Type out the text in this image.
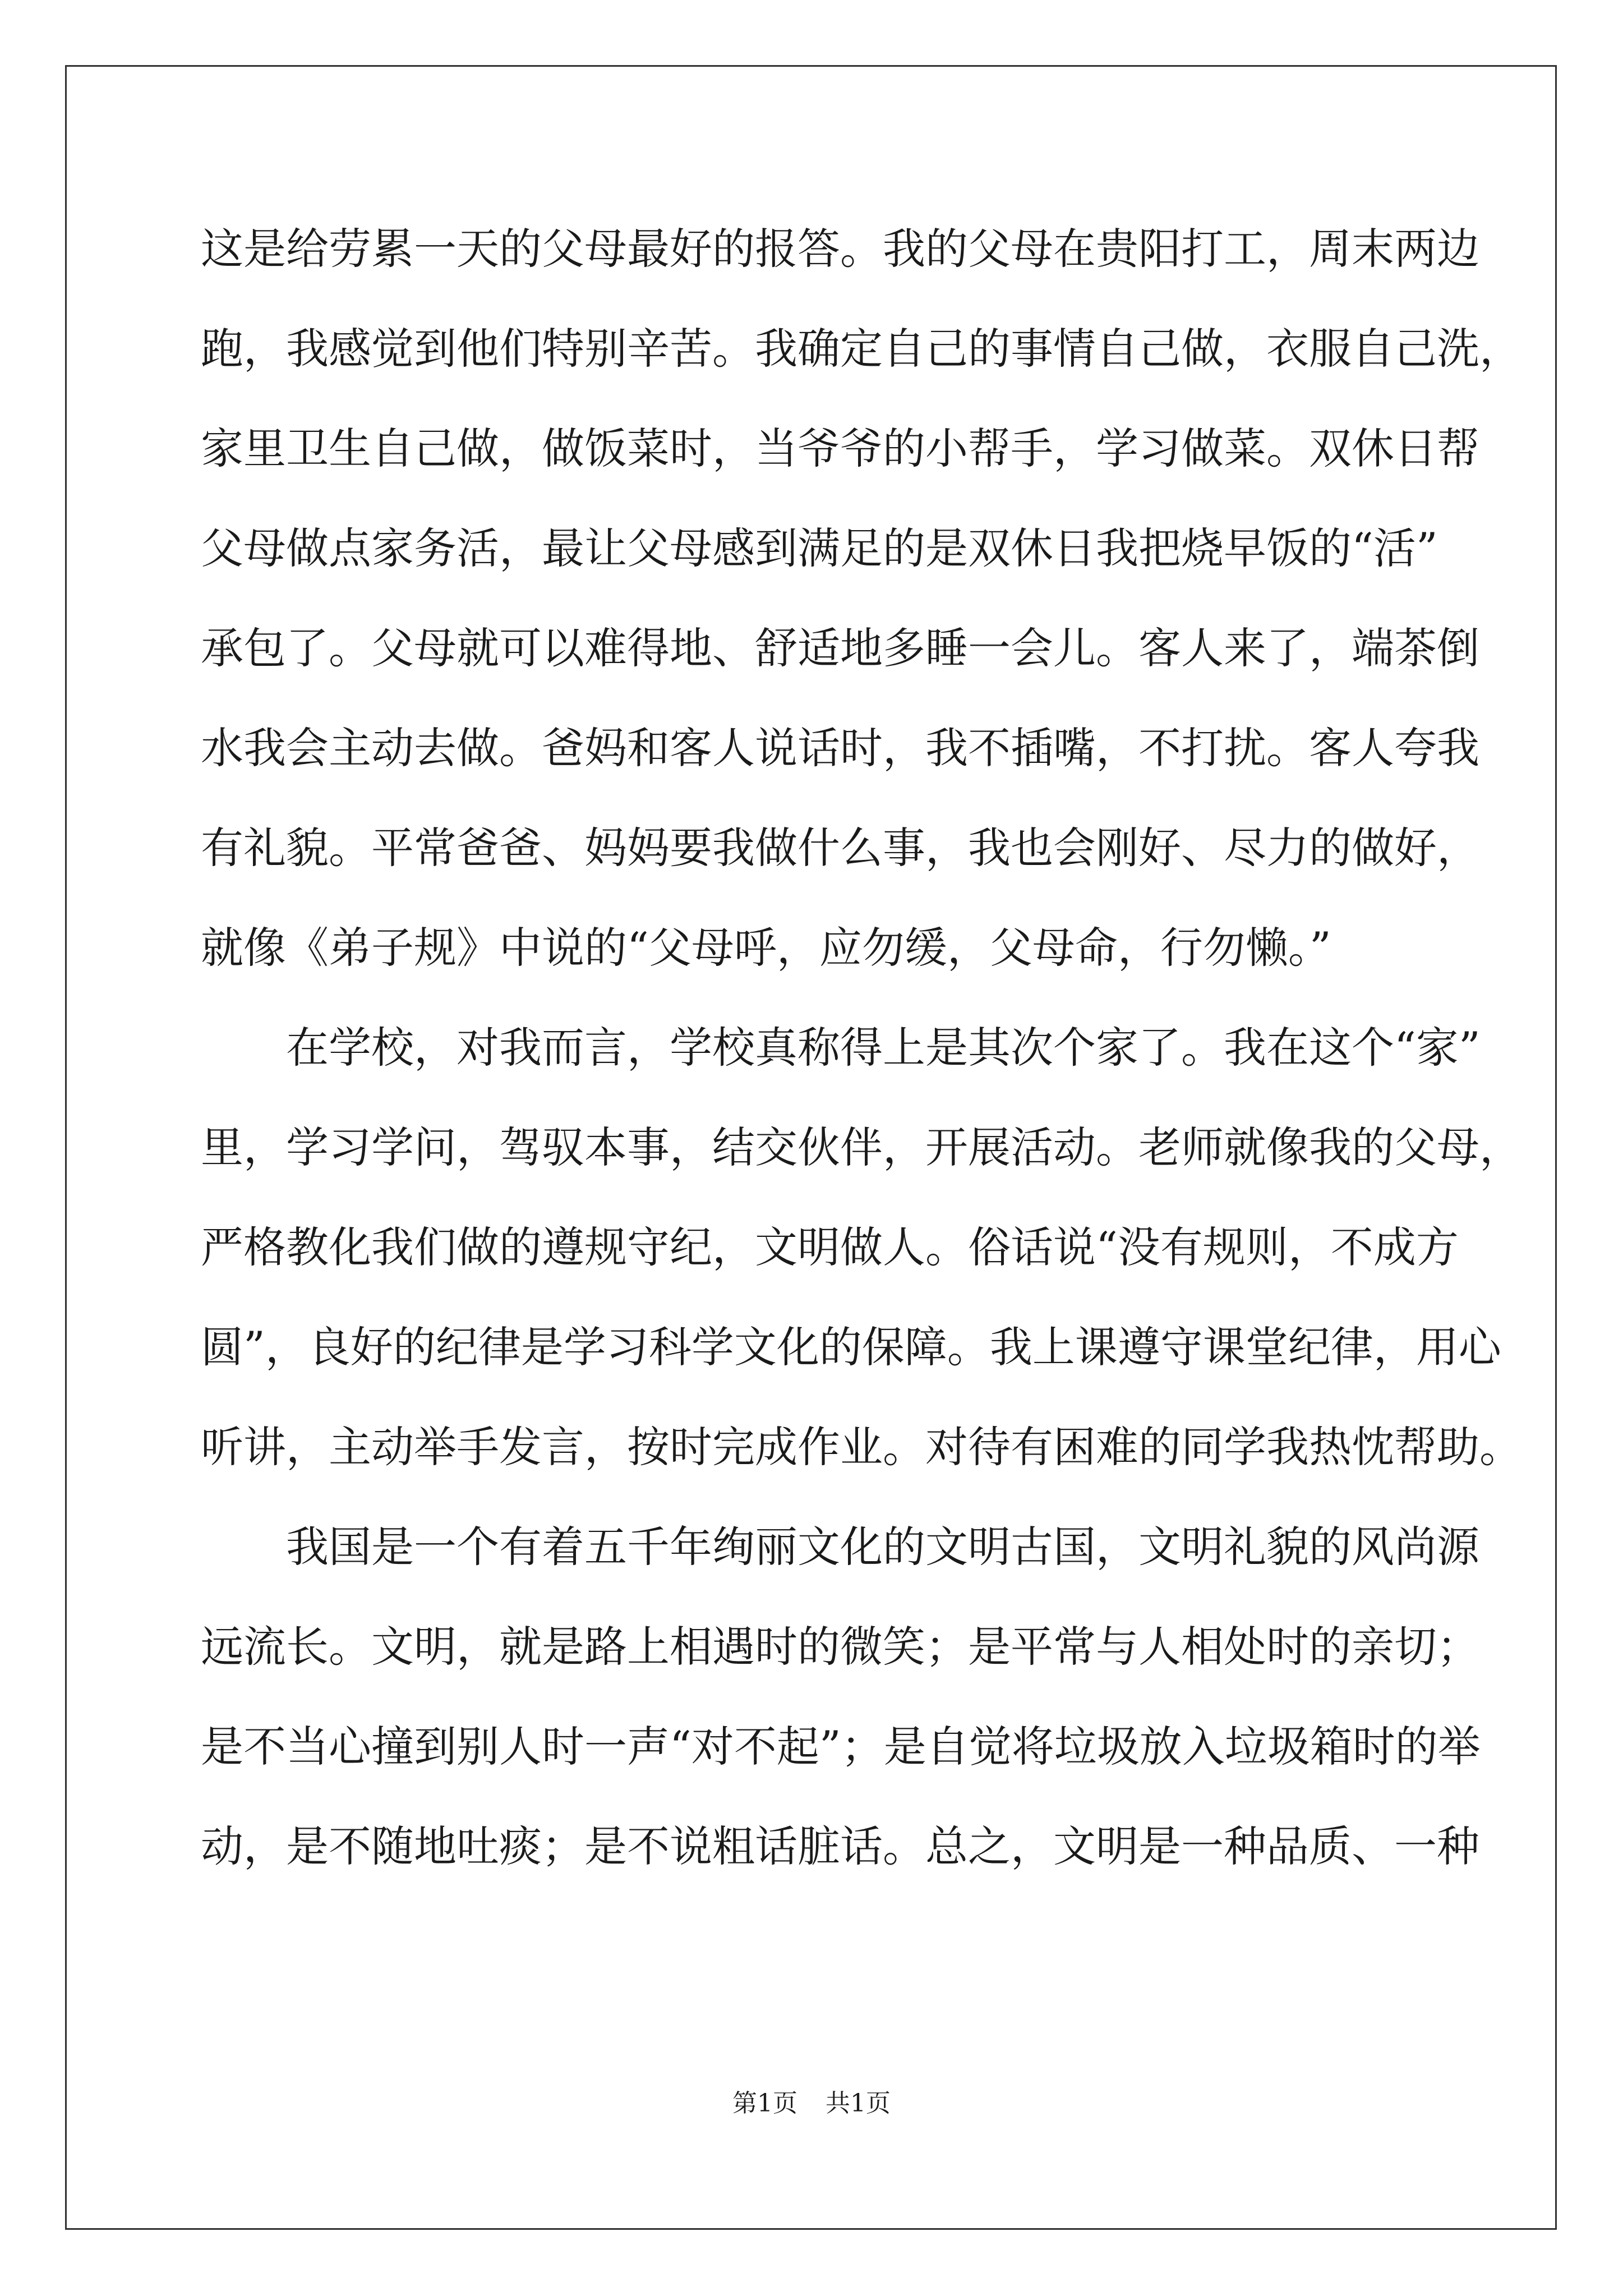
这是给劳累一天的父母最好的报答。我的父母在贵阳打工，周末两边
跑，我感觉到他们特别辛苦。我确定自己的事情自己做，衣服自己洗，
家里卫生自己做，做饭菜时，当爷爷的小帮手，学习做菜。双休日帮
父母做点家务活，最让父母感到满足的是双休日我把烧早饭的“活”
承包了。父母就可以难得地、舒适地多睡一会儿。客人来了，端茶倒
水我会主动去做。爸妈和客人说话时，我不插嘴，不打扰。客人夸我
有礼貌。平常爸爸、妈妈要我做什么事，我也会刚好、尽力的做好，
就像《弟子规》中说的“父母呼，应勿缓，父母命，行勿懒。”
在学校，对我而言，学校真称得上是其次个家了。我在这个“家”
里，学习学问，驾驭本事，结交伙伴，开展活动。老师就像我的父母，
严格教化我们做的遵规守纪，文明做人。俗话说“没有规则，不成方
圆”，良好的纪律是学习科学文化的保障。我上课遵守课堂纪律，用心
听讲，主动举手发言，按时完成作业。对待有困难的同学我热忱帮助。
我国是一个有着五千年绚丽文化的文明古国，文明礼貌的风尚源
远流长。文明，就是路上相遇时的微笑；是平常与人相处时的亲切；
是不当心撞到别人时一声“对不起”；是自觉将垃圾放入垃圾箱时的举
动，是不随地吐痰；是不说粗话脏话。总之，文明是一种品质、一种
第1页 共1页
